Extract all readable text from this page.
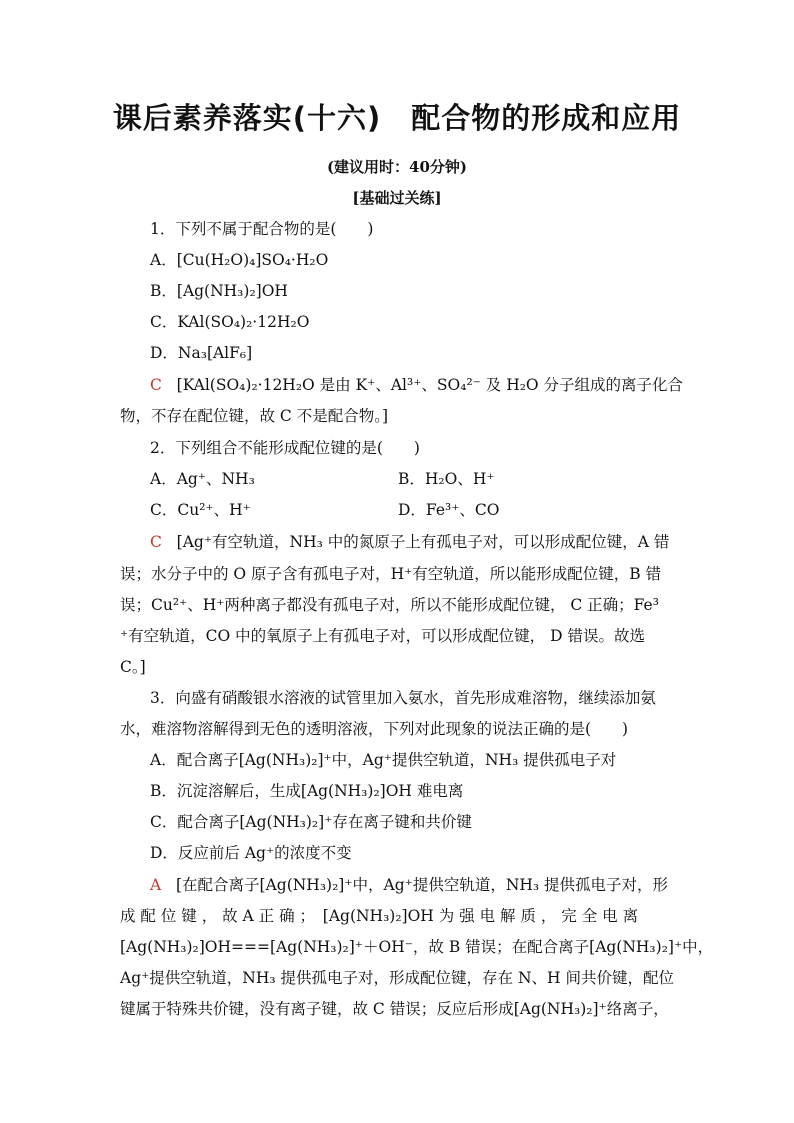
课后素养落实(十六)　配合物的形成和应用
(建议用时：40分钟)
[基础过关练]
1．下列不属于配合物的是(　　)
A．[Cu(H₂O)₄]SO₄·H₂O
B．[Ag(NH₃)₂]OH
C．KAl(SO₄)₂·12H₂O
D．Na₃[AlF₆]
C [KAl(SO₄)₂·12H₂O 是由 K⁺、Al³⁺、SO₄²⁻ 及 H₂O 分子组成的离子化合
物，不存在配位键，故 C 不是配合物。]
2．下列组合不能形成配位键的是(　　)
A．Ag⁺、NH₃	B．H₂O、H⁺
C．Cu²⁺、H⁺	D．Fe³⁺、CO
C [Ag⁺有空轨道，NH₃ 中的氮原子上有孤电子对，可以形成配位键，A 错
误；水分子中的 O 原子含有孤电子对，H⁺有空轨道，所以能形成配位键，B 错
误；Cu²⁺、H⁺两种离子都没有孤电子对，所以不能形成配位键， C 正确；Fe³
⁺有空轨道，CO 中的氧原子上有孤电子对，可以形成配位键， D 错误。故选
C。]
3．向盛有硝酸银水溶液的试管里加入氨水，首先形成难溶物，继续添加氨
水，难溶物溶解得到无色的透明溶液，下列对此现象的说法正确的是(　　)
A．配合离子[Ag(NH₃)₂]⁺中，Ag⁺提供空轨道，NH₃ 提供孤电子对
B．沉淀溶解后，生成[Ag(NH₃)₂]OH 难电离
C．配合离子[Ag(NH₃)₂]⁺存在离子键和共价键
D．反应前后 Ag⁺的浓度不变
A [在配合离子[Ag(NH₃)₂]⁺中，Ag⁺提供空轨道，NH₃ 提供孤电子对，形
成 配 位 键 ， 故 A 正 确 ；　[Ag(NH₃)₂]OH 为 强 电 解 质 ， 完 全 电 离
[Ag(NH₃)₂]OH===[Ag(NH₃)₂]⁺＋OH⁻，故 B 错误；在配合离子[Ag(NH₃)₂]⁺中，
Ag⁺提供空轨道，NH₃ 提供孤电子对，形成配位键，存在 N、H 间共价键，配位
键属于特殊共价键，没有离子键，故 C 错误；反应后形成[Ag(NH₃)₂]⁺络离子，
